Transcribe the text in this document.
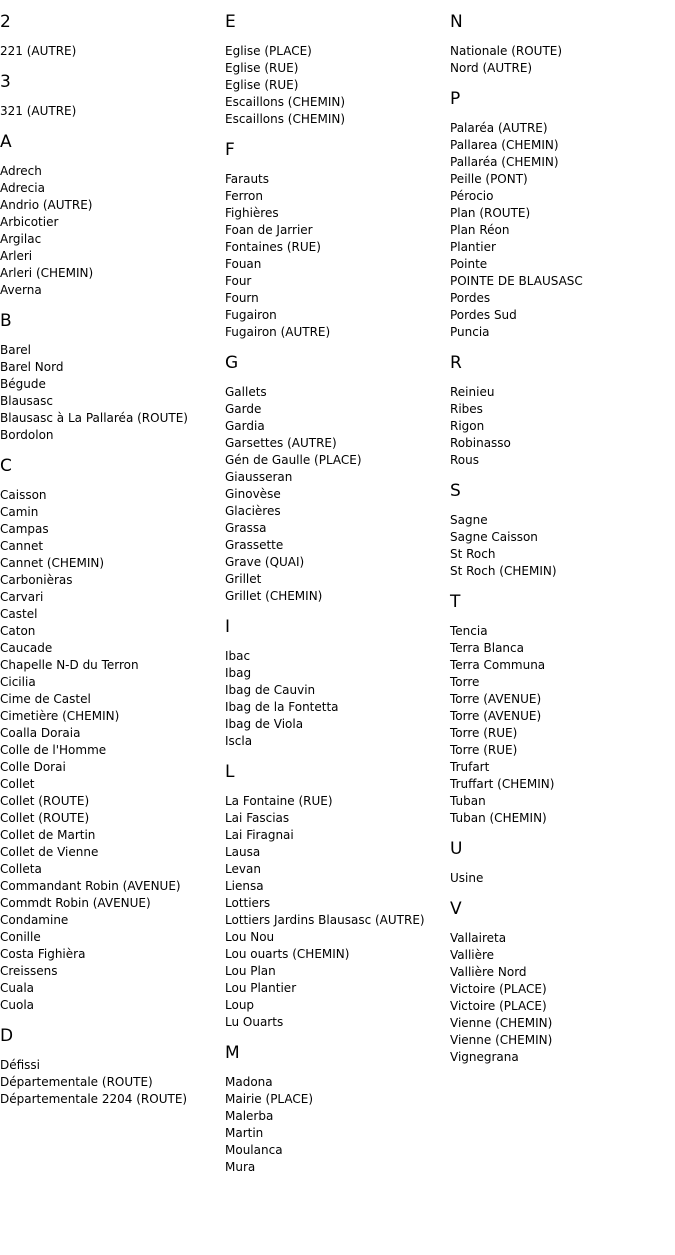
2
221 (AUTRE)
3
321 (AUTRE)
A
Adrech
Adrecia
Andrio (AUTRE)
Arbicotier
Argilac
Arleri
Arleri (CHEMIN)
Averna
B
Barel
Barel Nord
Bégude
Blausasc
Blausasc à La Pallaréa (ROUTE)
Bordolon
C
Caisson
Camin
Campas
Cannet
Cannet (CHEMIN)
Carbonièras
Carvari
Castel
Caton
Caucade
Chapelle N-D du Terron
Cicilia
Cime de Castel
Cimetière (CHEMIN)
Coalla Doraia
Colle de l'Homme
Colle Dorai
Collet
Collet (ROUTE)
Collet (ROUTE)
Collet de Martin
Collet de Vienne
Colleta
Commandant Robin (AVENUE)
Commdt Robin (AVENUE)
Condamine
Conille
Costa Fighièra
Creissens
Cuala
Cuola
D
Défissi
Départementale (ROUTE)
Départementale 2204 (ROUTE)
E
Eglise (PLACE)
Eglise (RUE)
Eglise (RUE)
Escaillons (CHEMIN)
Escaillons (CHEMIN)
F
Farauts
Ferron
Fighières
Foan de Jarrier
Fontaines (RUE)
Fouan
Four
Fourn
Fugairon
Fugairon (AUTRE)
G
Gallets
Garde
Gardia
Garsettes (AUTRE)
Gén de Gaulle (PLACE)
Giausseran
Ginovèse
Glacières
Grassa
Grassette
Grave (QUAI)
Grillet
Grillet (CHEMIN)
I
Ibac
Ibag
Ibag de Cauvin
Ibag de la Fontetta
Ibag de Viola
Iscla
L
La Fontaine (RUE)
Lai Fascias
Lai Firagnai
Lausa
Levan
Liensa
Lottiers
Lottiers Jardins Blausasc (AUTRE)
Lou Nou
Lou ouarts (CHEMIN)
Lou Plan
Lou Plantier
Loup
Lu Ouarts
M
Madona
Mairie (PLACE)
Malerba
Martin
Moulanca
Mura
N
Nationale (ROUTE)
Nord (AUTRE)
P
Palaréa (AUTRE)
Pallarea (CHEMIN)
Pallaréa (CHEMIN)
Peille (PONT)
Pérocio
Plan (ROUTE)
Plan Réon
Plantier
Pointe
POINTE DE BLAUSASC
Pordes
Pordes Sud
Puncia
R
Reinieu
Ribes
Rigon
Robinasso
Rous
S
Sagne
Sagne Caisson
St Roch
St Roch (CHEMIN)
T
Tencia
Terra Blanca
Terra Communa
Torre
Torre (AVENUE)
Torre (AVENUE)
Torre (RUE)
Torre (RUE)
Trufart
Truffart (CHEMIN)
Tuban
Tuban (CHEMIN)
U
Usine
V
Vallaireta
Vallière
Vallière Nord
Victoire (PLACE)
Victoire (PLACE)
Vienne (CHEMIN)
Vienne (CHEMIN)
Vignegrana
